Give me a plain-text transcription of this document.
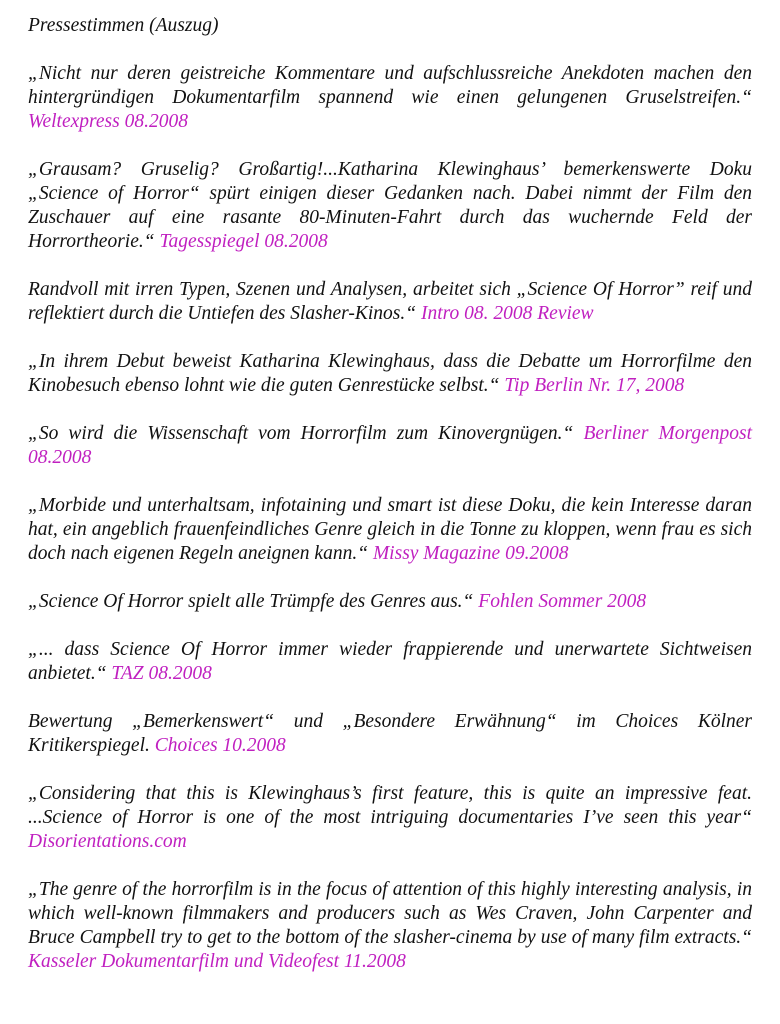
Pressestimmen (Auszug)

„Nicht nur deren geistreiche Kommentare und aufschlussreiche Anekdoten machen den hintergründigen Dokumentarfilm spannend wie einen gelungenen Gruselstreifen.“ Weltexpress 08.2008

„Grausam? Gruselig? Großartig!...Katharina Klewinghaus’ bemerkenswerte Doku „Science of Horror“ spürt einigen dieser Gedanken nach. Dabei nimmt der Film den Zuschauer auf eine rasante 80-Minuten-Fahrt durch das wuchernde Feld der Horrortheorie.“ Tagesspiegel 08.2008

Randvoll mit irren Typen, Szenen und Analysen, arbeitet sich „Science Of Horror” reif und reflektiert durch die Untiefen des Slasher-Kinos.“ Intro 08. 2008 Review

„In ihrem Debut beweist Katharina Klewinghaus, dass die Debatte um Horrorfilme den Kinobesuch ebenso lohnt wie die guten Genrestücke selbst.“ Tip Berlin Nr. 17, 2008

„So wird die Wissenschaft vom Horrorfilm zum Kinovergnügen.“ Berliner Morgenpost 08.2008

„Morbide und unterhaltsam, infotaining und smart ist diese Doku, die kein Interesse daran hat, ein angeblich frauenfeindliches Genre gleich in die Tonne zu kloppen, wenn frau es sich doch nach eigenen Regeln aneignen kann.“ Missy Magazine 09.2008

„Science Of Horror spielt alle Trümpfe des Genres aus.“ Fohlen Sommer 2008

„... dass Science Of Horror immer wieder frappierende und unerwartete Sichtweisen anbietet.“ TAZ 08.2008

Bewertung „Bemerkenswert“ und „Besondere Erwähnung“ im Choices Kölner Kritikerspiegel. Choices 10.2008

„Considering that this is Klewinghaus’s first feature, this is quite an impressive feat. ...Science of Horror is one of the most intriguing documentaries I’ve seen this year“ Disorientations.com

„The genre of the horrorfilm is in the focus of attention of this highly interesting analysis, in which well-known filmmakers and producers such as Wes Craven, John Carpenter and Bruce Campbell try to get to the bottom of the slasher-cinema by use of many film extracts.“ Kasseler Dokumentarfilm und Videofest 11.2008
